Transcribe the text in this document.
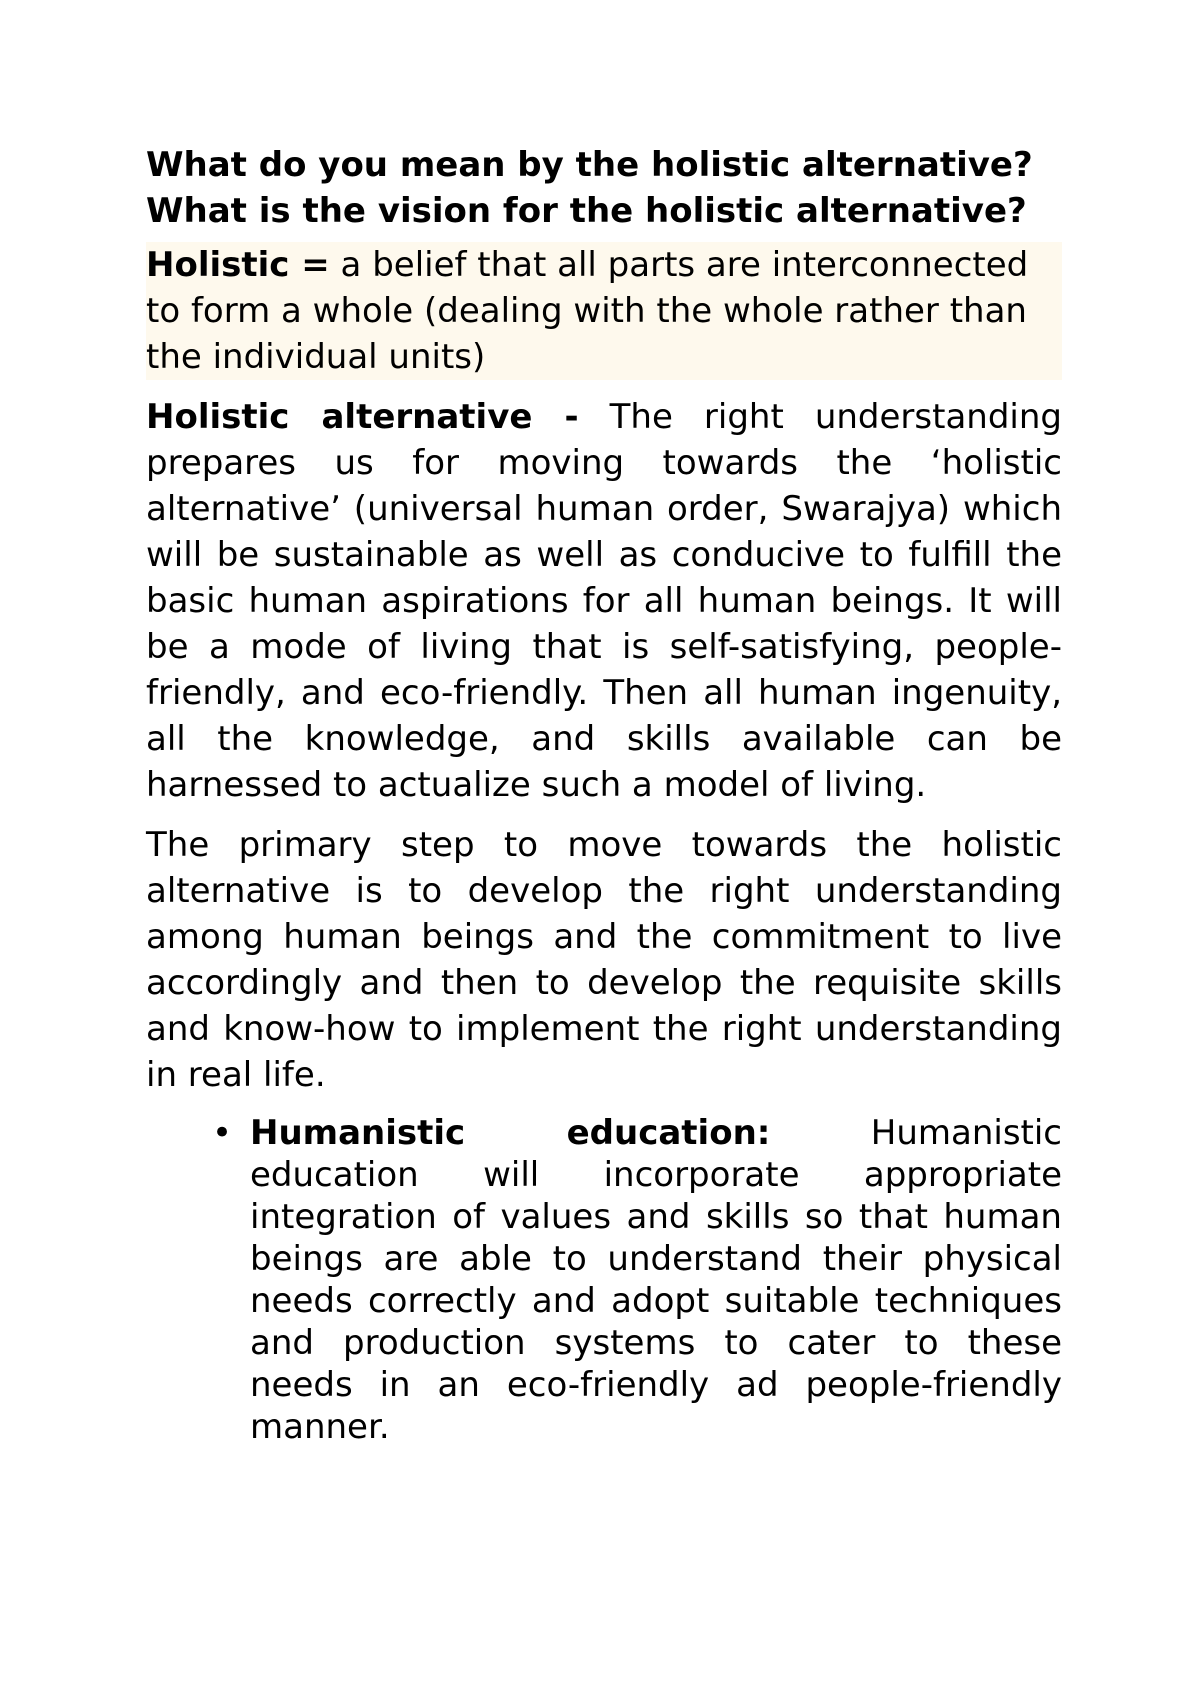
What do you mean by the holistic alternative? What is the vision for the holistic alternative?

Holistic = a belief that all parts are interconnected to form a whole (dealing with the whole rather than the individual units)

Holistic alternative - The right understanding prepares us for moving towards the ‘holistic alternative’ (universal human order, Swarajya) which will be sustainable as well as conducive to fulfill the basic human aspirations for all human beings. It will be a mode of living that is self-satisfying, people-friendly, and eco-friendly. Then all human ingenuity, all the knowledge, and skills available can be harnessed to actualize such a model of living.

The primary step to move towards the holistic alternative is to develop the right understanding among human beings and the commitment to live accordingly and then to develop the requisite skills and know-how to implement the right understanding in real life.

• Humanistic education: Humanistic education will incorporate appropriate integration of values and skills so that human beings are able to understand their physical needs correctly and adopt suitable techniques and production systems to cater to these needs in an eco-friendly ad people-friendly manner.
